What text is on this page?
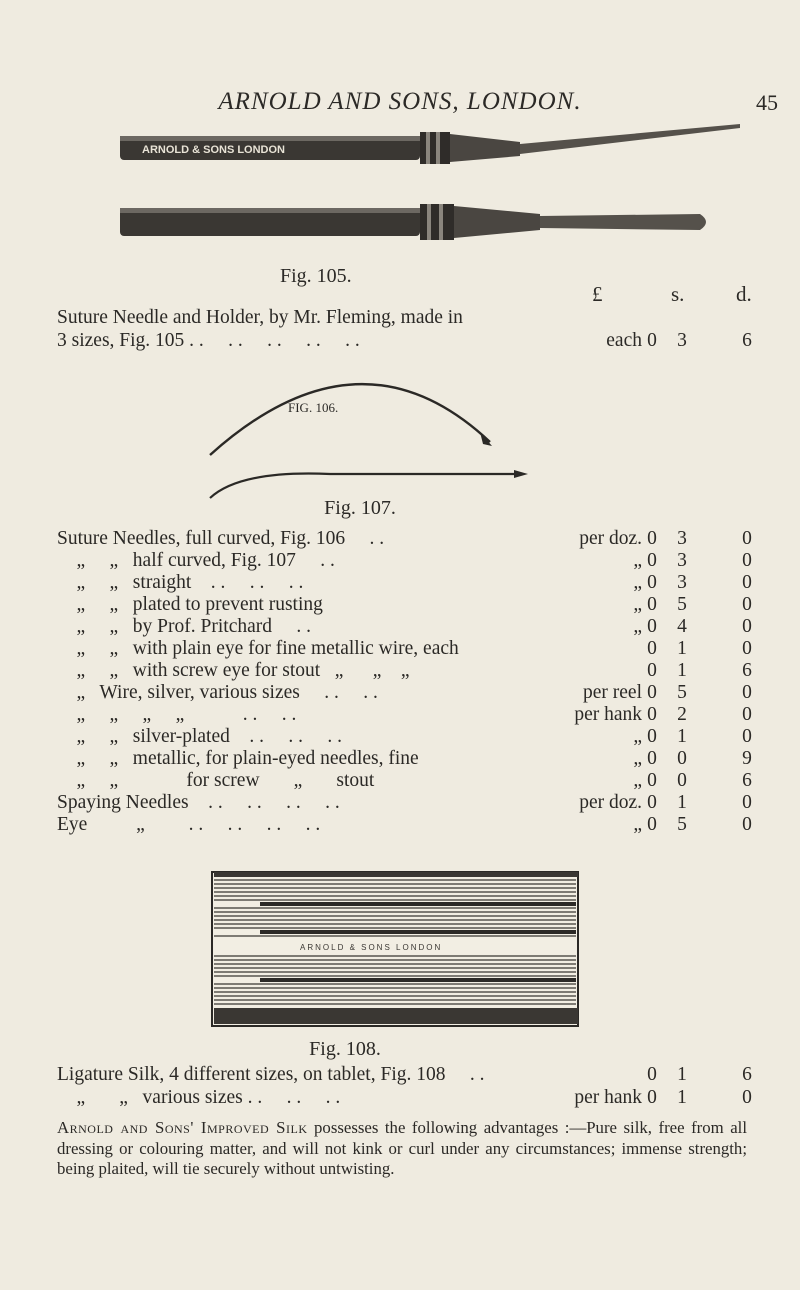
ARNOLD AND SONS, LONDON.	45
ARNOLD & SONS LONDON
Fig. 105.
£	s. d.
Suture Needle and Holder, by Mr. Fleming, made in
3 sizes, Fig. 105 . .     . .     . .     . .     . .	each 0 3	6
FIG. 106.
Fig. 107.
Suture Needles, full curved, Fig. 106     . .	per doz. 0 3	0
„     „   half curved, Fig. 107     . .	„ 0 3	0
„     „   straight    . .     . .     . .	„ 0 3	0
„     „   plated to prevent rusting	„ 0 5	0
„     „   by Prof. Pritchard     . .	„ 0 4	0
„     „   with plain eye for fine metallic wire, each	0 1	0
„     „   with screw eye for stout   „      „    „	0 1	6
„   Wire, silver, various sizes     . .     . .	per reel 0 5	0
„     „     „     „            . .     . .	per hank 0 2	0
„     „   silver-plated    . .     . .     . .	„ 0 1	0
„     „   metallic, for plain-eyed needles, fine	„ 0 0	9
„     „              for screw       „       stout	„ 0 0	6
Spaying Needles    . .     . .     . .     . .	per doz. 0 1	0
Eye          „         . .     . .     . .     . .	„ 0 5	0
ARNOLD & SONS LONDON
Fig. 108.
Ligature Silk, 4 different sizes, on tablet, Fig. 108     . .	0 1	6
„       „   various sizes . .     . .     . .	per hank 0 1	0
Arnold and Sons' Improved Silk possesses the following advantages :—Pure silk, free from all dressing or colouring matter, and will not kink or curl under any circumstances; immense strength; being plaited, will tie securely without untwisting.
